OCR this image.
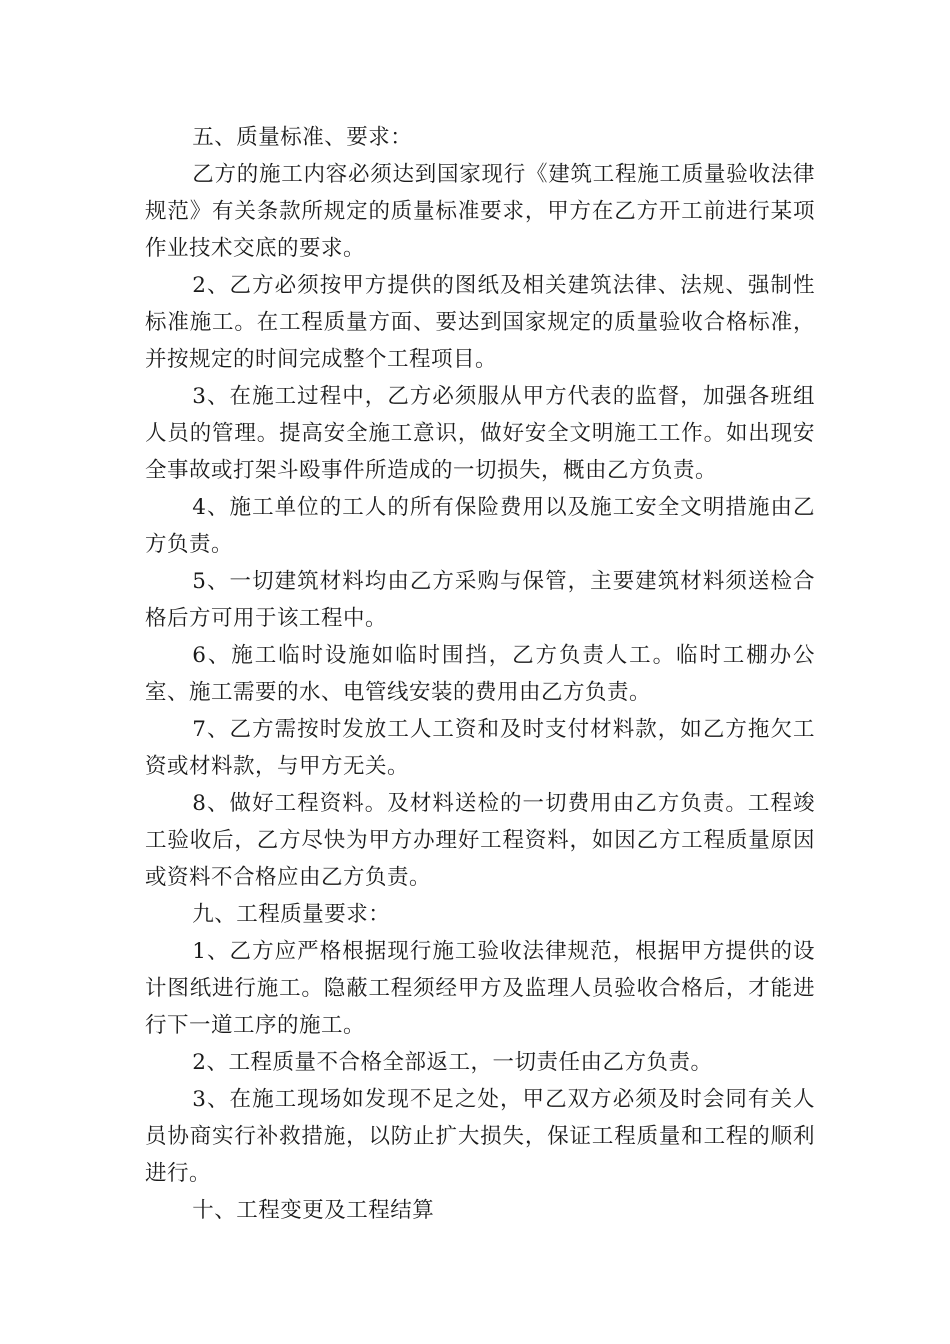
五、质量标准、要求：

乙方的施工内容必须达到国家现行《建筑工程施工质量验收法律规范》有关条款所规定的质量标准要求，甲方在乙方开工前进行某项作业技术交底的要求。

2、乙方必须按甲方提供的图纸及相关建筑法律、法规、强制性标准施工。在工程质量方面、要达到国家规定的质量验收合格标准，并按规定的时间完成整个工程项目。

3、在施工过程中，乙方必须服从甲方代表的监督，加强各班组人员的管理。提高安全施工意识，做好安全文明施工工作。如出现安全事故或打架斗殴事件所造成的一切损失，概由乙方负责。

4、施工单位的工人的所有保险费用以及施工安全文明措施由乙方负责。

5、一切建筑材料均由乙方采购与保管，主要建筑材料须送检合格后方可用于该工程中。

6、施工临时设施如临时围挡，乙方负责人工。临时工棚办公室、施工需要的水、电管线安装的费用由乙方负责。

7、乙方需按时发放工人工资和及时支付材料款，如乙方拖欠工资或材料款，与甲方无关。

8、做好工程资料。及材料送检的一切费用由乙方负责。工程竣工验收后，乙方尽快为甲方办理好工程资料，如因乙方工程质量原因或资料不合格应由乙方负责。

九、工程质量要求：

1、乙方应严格根据现行施工验收法律规范，根据甲方提供的设计图纸进行施工。隐蔽工程须经甲方及监理人员验收合格后，才能进行下一道工序的施工。

2、工程质量不合格全部返工，一切责任由乙方负责。

3、在施工现场如发现不足之处，甲乙双方必须及时会同有关人员协商实行补救措施，以防止扩大损失，保证工程质量和工程的顺利进行。

十、工程变更及工程结算
